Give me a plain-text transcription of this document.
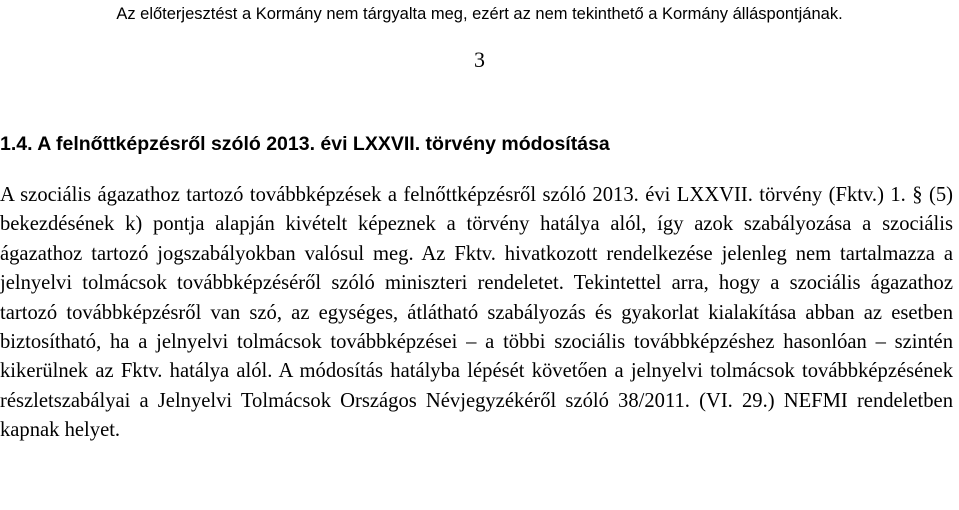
Az előterjesztést a Kormány nem tárgyalta meg, ezért az nem tekinthető a Kormány álláspontjának.
3
1.4. A felnőttképzésről szóló 2013. évi LXXVII. törvény módosítása

A szociális ágazathoz tartozó továbbképzések a felnőttképzésről szóló 2013. évi LXXVII. törvény (Fktv.) 1. § (5) bekezdésének k) pontja alapján kivételt képeznek a törvény hatálya alól, így azok szabályozása a szociális ágazathoz tartozó jogszabályokban valósul meg. Az Fktv. hivatkozott rendelkezése jelenleg nem tartalmazza a jelnyelvi tolmácsok továbbképzéséről szóló miniszteri rendeletet. Tekintettel arra, hogy a szociális ágazathoz tartozó továbbképzésről van szó, az egységes, átlátható szabályozás és gyakorlat kialakítása abban az esetben biztosítható, ha a jelnyelvi tolmácsok továbbképzései – a többi szociális továbbképzéshez hasonlóan – szintén kikerülnek az Fktv. hatálya alól. A módosítás hatályba lépését követően a jelnyelvi tolmácsok továbbképzésének részletszabályai a Jelnyelvi Tolmácsok Országos Névjegyzékéről szóló 38/2011. (VI. 29.) NEFMI rendeletben kapnak helyet.
